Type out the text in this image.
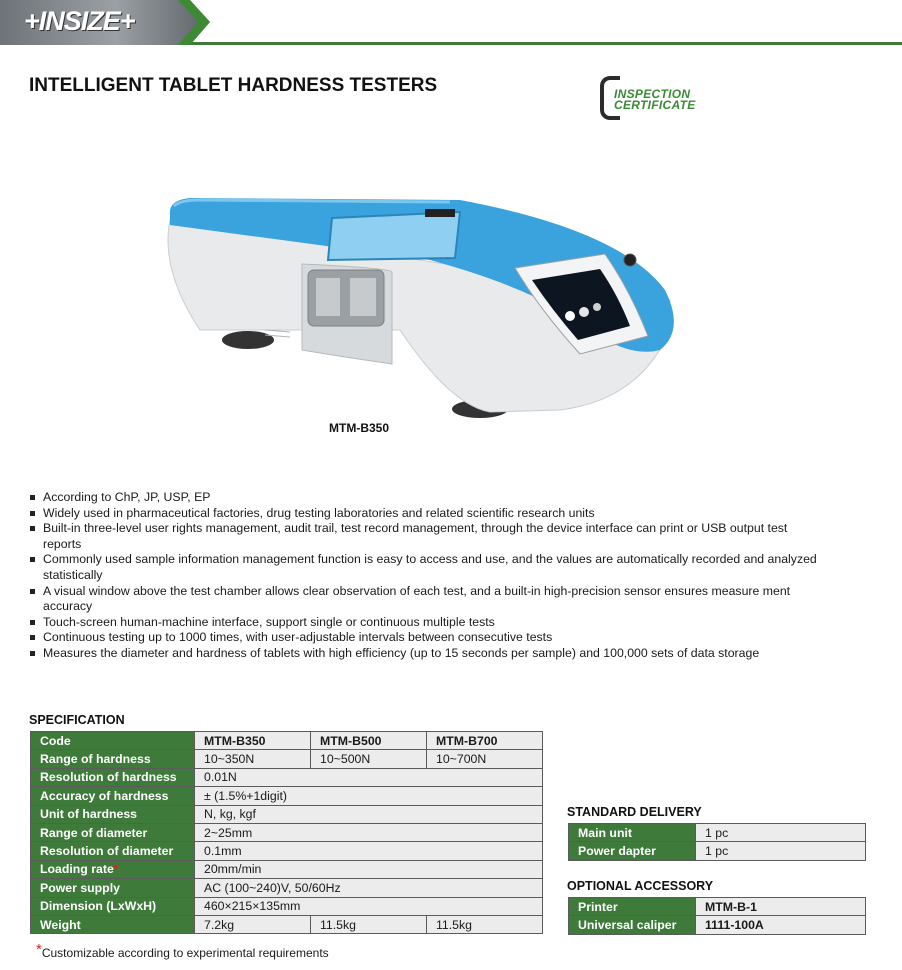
+INSIZE+
INTELLIGENT TABLET HARDNESS TESTERS	INSPECTION
CERTIFICATE
MTM-B350
According to ChP, JP, USP, EP
Widely used in pharmaceutical factories, drug testing laboratories and related scientific research units
Built-in three-level user rights management, audit trail, test record management, through the device interface can print or USB output test reports
Commonly used sample information management function is easy to access and use, and the values are automatically recorded and analyzed statistically
A visual window above the test chamber allows clear observation of each test, and a built-in high-precision sensor ensures measure ment accuracy
Touch-screen human-machine interface, support single or continuous multiple tests
Continuous testing up to 1000 times, with user-adjustable intervals between consecutive tests
Measures the diameter and hardness of tablets with high efficiency (up to 15 seconds per sample) and 100,000 sets of data storage
SPECIFICATION
Code	MTM-B350	MTM-B500	MTM-B700
Range of hardness	10~350N	10~500N	10~700N
Resolution of hardness	0.01N		
Accuracy of hardness	± (1.5%+1digit)		
Unit of hardness	N, kg, kgf		
Range of diameter	2~25mm		
Resolution of diameter	0.1mm		
Loading rate*	20mm/min		
Power supply	AC (100~240)V, 50/60Hz		
Dimension (LxWxH)	460×215×135mm		
Weight	7.2kg	11.5kg	11.5kg
*Customizable according to experimental requirements
STANDARD DELIVERY
Main unit	1 pc
Power dapter	1 pc
OPTIONAL ACCESSORY
Printer	MTM-B-1
Universal caliper	1111-100A
